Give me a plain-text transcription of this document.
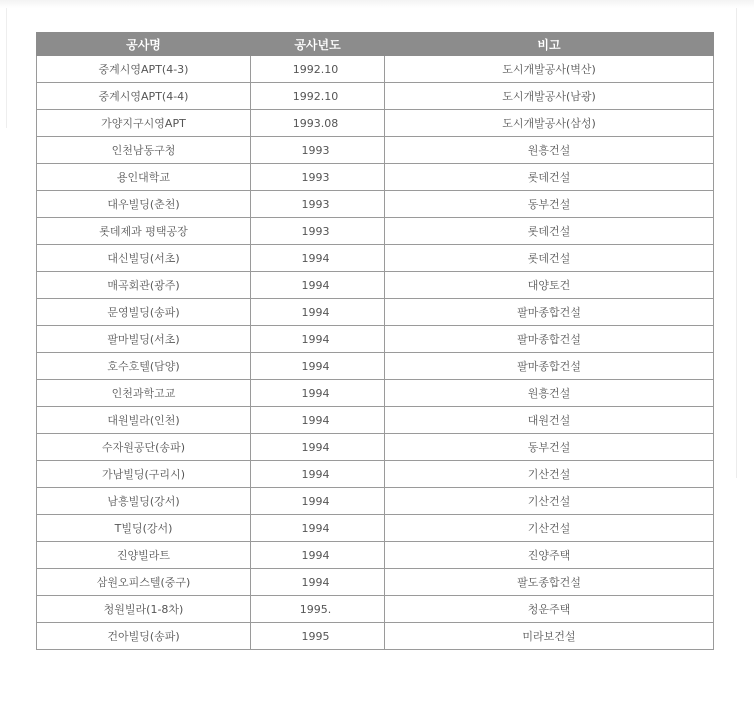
공사명	공사년도	비고
중계시영APT(4-3)	1992.10	도시개발공사(벽산)
중계시영APT(4-4)	1992.10	도시개발공사(남광)
가양지구시영APT	1993.08	도시개발공사(삼성)
인천남동구청	1993	원흥건설
용인대학교	1993	롯데건설
대우빌딩(춘천)	1993	동부건설
롯데제과 평택공장	1993	롯데건설
대신빌딩(서초)	1994	롯데건설
매곡회관(광주)	1994	대양토건
문영빌딩(송파)	1994	팔마종합건설
팔마빌딩(서초)	1994	팔마종합건설
호수호텔(담양)	1994	팔마종합건설
인천과학고교	1994	원흥건설
대원빌라(인천)	1994	대원건설
수자원공단(송파)	1994	동부건설
가남빌딩(구리시)	1994	기산건설
남흥빌딩(강서)	1994	기산건설
T빌딩(강서)	1994	기산건설
진양빌라트	1994	진양주택
삼원오피스텔(중구)	1994	팔도종합건설
청원빌라(1-8차)	1995.	청운주택
건아빌딩(송파)	1995	미라보건설
